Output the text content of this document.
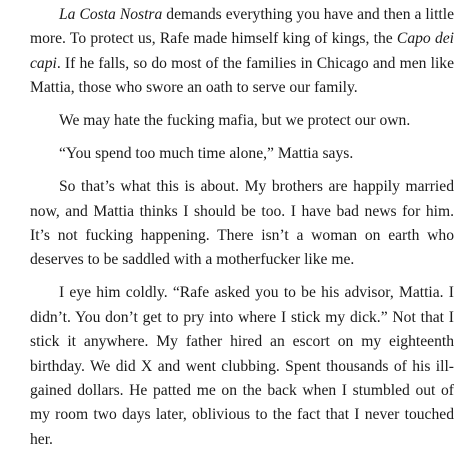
La Costa Nostra demands everything you have and then a little more. To protect us, Rafe made himself king of kings, the Capo dei capi. If he falls, so do most of the families in Chicago and men like Mattia, those who swore an oath to serve our family.

We may hate the fucking mafia, but we protect our own.

“You spend too much time alone,” Mattia says.

So that’s what this is about. My brothers are happily married now, and Mattia thinks I should be too. I have bad news for him. It’s not fucking happening. There isn’t a woman on earth who deserves to be saddled with a motherfucker like me.

I eye him coldly. “Rafe asked you to be his advisor, Mattia. I didn’t. You don’t get to pry into where I stick my dick.” Not that I stick it anywhere. My father hired an escort on my eighteenth birthday. We did X and went clubbing. Spent thousands of his ill-gained dollars. He patted me on the back when I stumbled out of my room two days later, oblivious to the fact that I never touched her.
